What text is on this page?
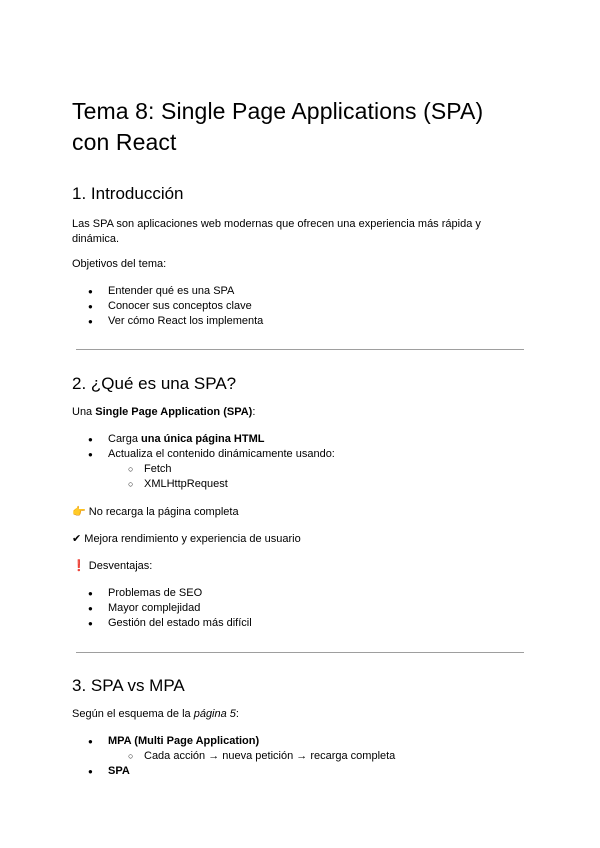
Tema 8: Single Page Applications (SPA) con React
1. Introducción

Las SPA son aplicaciones web modernas que ofrecen una experiencia más rápida y dinámica.

Objetivos del tema:

● Entender qué es una SPA
● Conocer sus conceptos clave
● Ver cómo React los implementa
2. ¿Qué es una SPA?

Una Single Page Application (SPA):

● Carga una única página HTML
● Actualiza el contenido dinámicamente usando:
○ Fetch
○ XMLHttpRequest

👉 No recarga la página completa

✔ Mejora rendimiento y experiencia de usuario

❗ Desventajas:

● Problemas de SEO
● Mayor complejidad
● Gestión del estado más difícil
3. SPA vs MPA

Según el esquema de la página 5:

● MPA (Multi Page Application)
○ Cada acción → nueva petición → recarga completa
● SPA
